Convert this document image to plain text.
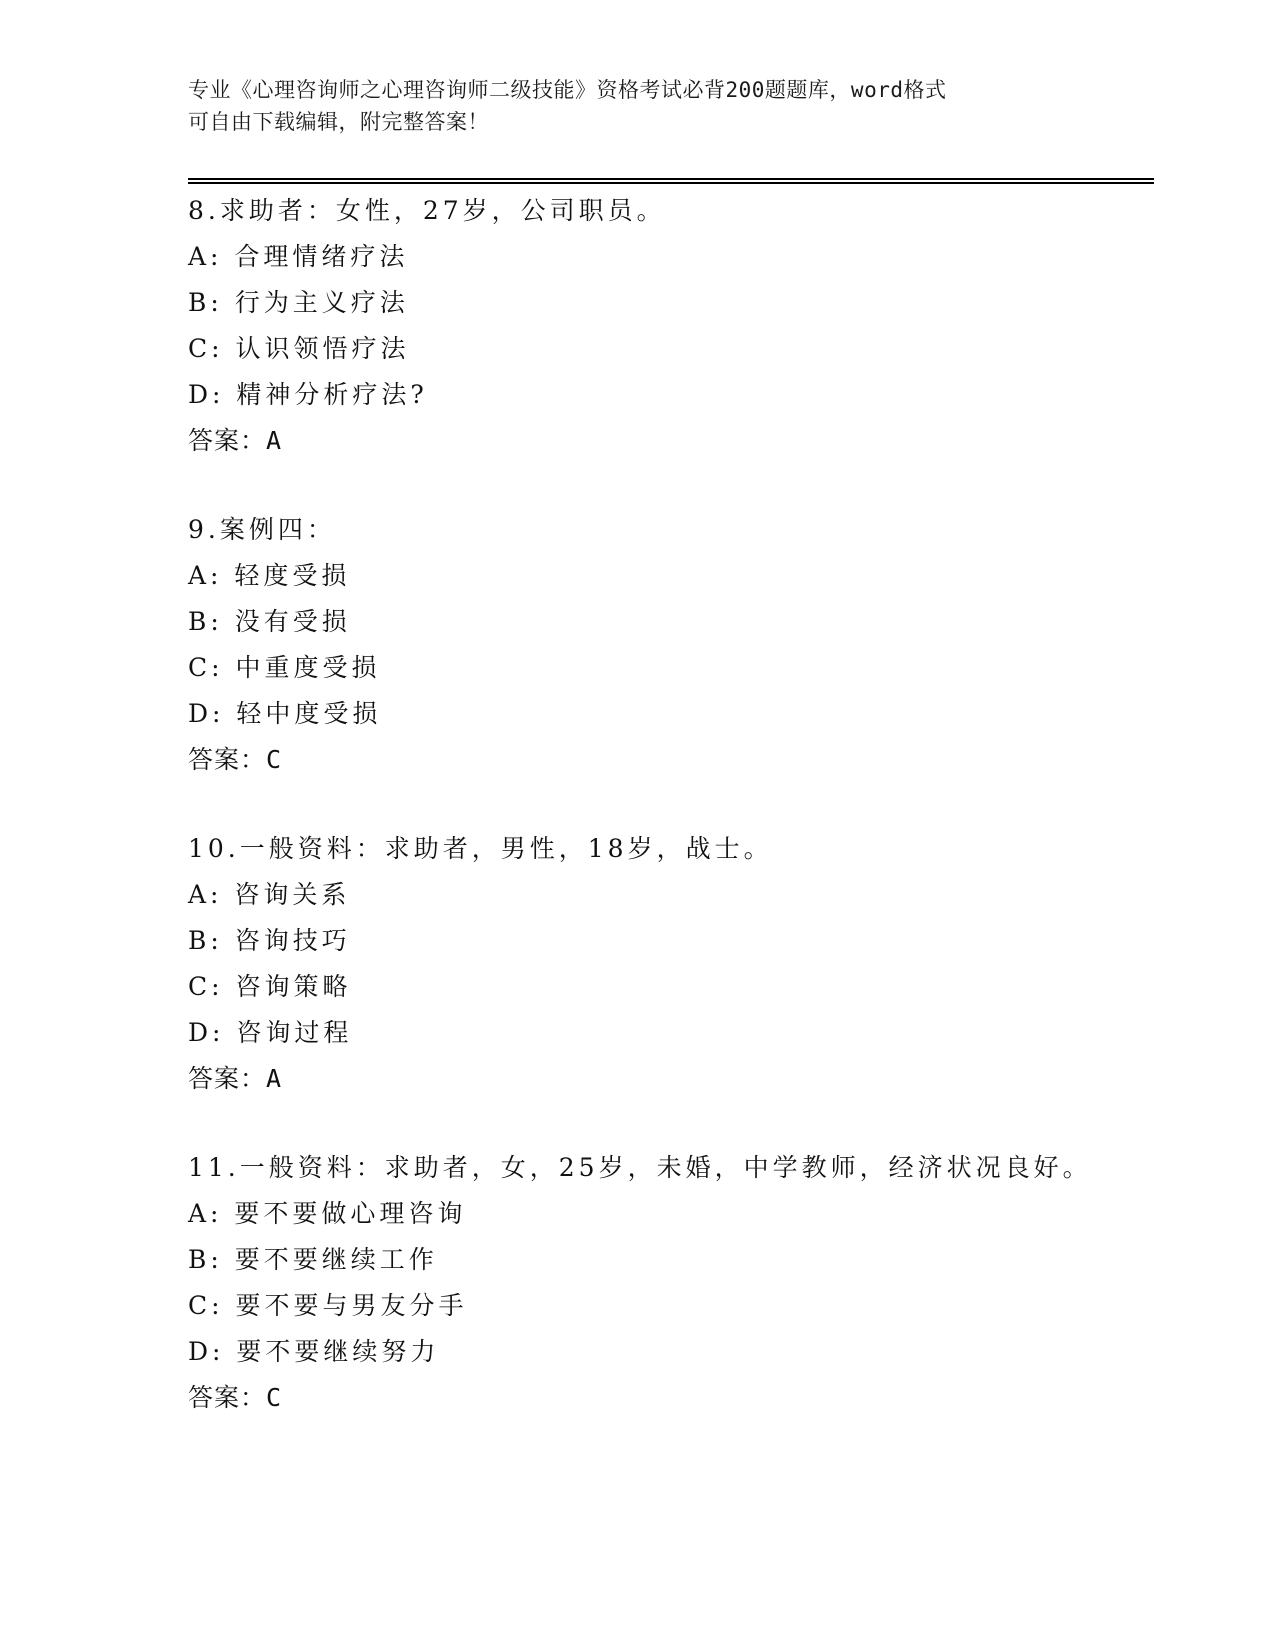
专业《心理咨询师之心理咨询师二级技能》资格考试必背200题题库，word格式
可自由下载编辑，附完整答案！
8.求助者：女性，27岁，公司职员。
A: 合理情绪疗法
B: 行为主义疗法
C: 认识领悟疗法
D: 精神分析疗法?
答案：A
9.案例四：
A: 轻度受损
B: 没有受损
C: 中重度受损
D: 轻中度受损
答案：C
10.一般资料：求助者，男性，18岁，战士。
A: 咨询关系
B: 咨询技巧
C: 咨询策略
D: 咨询过程
答案：A
11.一般资料：求助者，女，25岁，未婚，中学教师，经济状况良好。
A: 要不要做心理咨询
B: 要不要继续工作
C: 要不要与男友分手
D: 要不要继续努力
答案：C
